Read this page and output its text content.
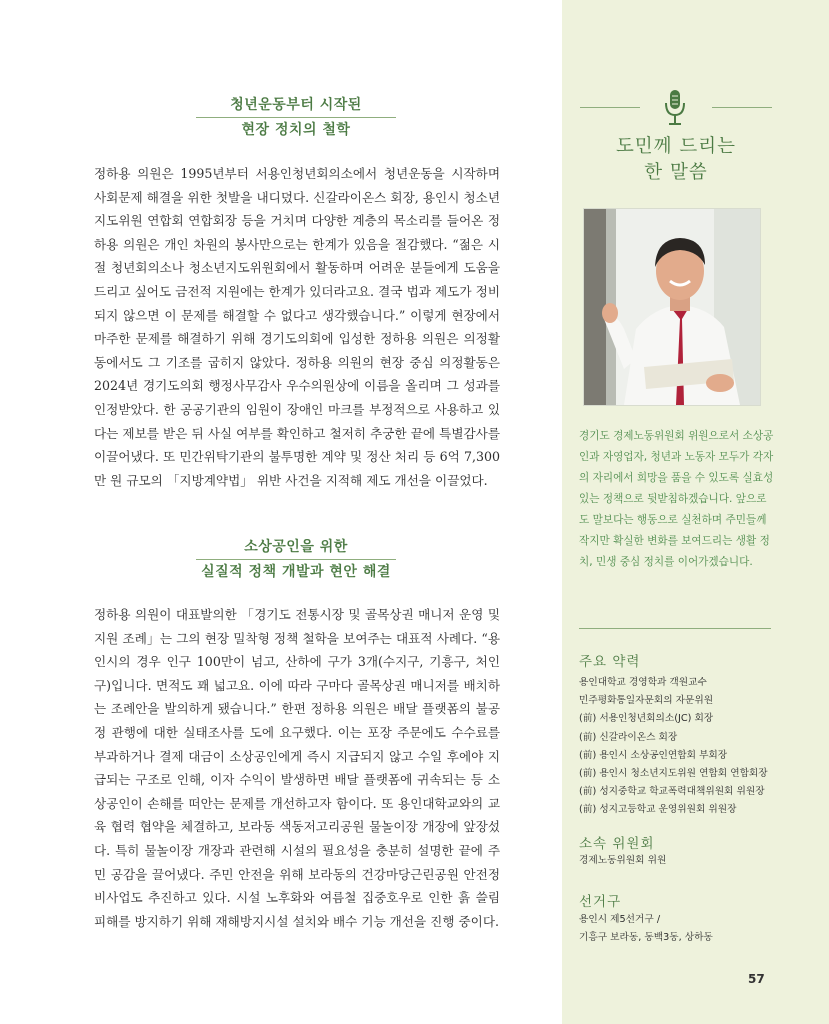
청년운동부터 시작된
현장 정치의 철학

정하용 의원은 1995년부터 서용인청년회의소에서 청년운동을 시작하며 사회문제 해결을 위한 첫발을 내디뎠다. 신갈라이온스 회장, 용인시 청소년지도위원 연합회 연합회장 등을 거치며 다양한 계층의 목소리를 들어온 정하용 의원은 개인 차원의 봉사만으로는 한계가 있음을 절감했다. “젊은 시절 청년회의소나 청소년지도위원회에서 활동하며 어려운 분들에게 도움을 드리고 싶어도 금전적 지원에는 한계가 있더라고요. 결국 법과 제도가 정비되지 않으면 이 문제를 해결할 수 없다고 생각했습니다.” 이렇게 현장에서 마주한 문제를 해결하기 위해 경기도의회에 입성한 정하용 의원은 의정활동에서도 그 기조를 굽히지 않았다. 정하용 의원의 현장 중심 의정활동은 2024년 경기도의회 행정사무감사 우수의원상에 이름을 올리며 그 성과를 인정받았다. 한 공공기관의 임원이 장애인 마크를 부정적으로 사용하고 있다는 제보를 받은 뒤 사실 여부를 확인하고 철저히 추궁한 끝에 특별감사를 이끌어냈다. 또 민간위탁기관의 불투명한 계약 및 정산 처리 등 6억 7,300만 원 규모의 「지방계약법」 위반 사건을 지적해 제도 개선을 이끌었다.

소상공인을 위한
실질적 정책 개발과 현안 해결

정하용 의원이 대표발의한 「경기도 전통시장 및 골목상권 매니저 운영 및 지원 조례」는 그의 현장 밀착형 정책 철학을 보여주는 대표적 사례다. “용인시의 경우 인구 100만이 넘고, 산하에 구가 3개(수지구, 기흥구, 처인구)입니다. 면적도 꽤 넓고요. 이에 따라 구마다 골목상권 매니저를 배치하는 조례안을 발의하게 됐습니다.” 한편 정하용 의원은 배달 플랫폼의 불공정 관행에 대한 실태조사를 도에 요구했다. 이는 포장 주문에도 수수료를 부과하거나 결제 대금이 소상공인에게 즉시 지급되지 않고 수일 후에야 지급되는 구조로 인해, 이자 수익이 발생하면 배달 플랫폼에 귀속되는 등 소상공인이 손해를 떠안는 문제를 개선하고자 함이다. 또 용인대학교와의 교육 협력 협약을 체결하고, 보라동 색동저고리공원 물놀이장 개장에 앞장섰다. 특히 물놀이장 개장과 관련해 시설의 필요성을 충분히 설명한 끝에 주민 공감을 끌어냈다. 주민 안전을 위해 보라동의 건강마당근린공원 안전정비사업도 추진하고 있다. 시설 노후화와 여름철 집중호우로 인한 흙 쓸림 피해를 방지하기 위해 재해방지시설 설치와 배수 기능 개선을 진행 중이다.

도민께 드리는
한 말씀

경기도 경제노동위원회 위원으로서 소상공인과 자영업자, 청년과 노동자 모두가 각자의 자리에서 희망을 품을 수 있도록 실효성 있는 정책으로 뒷받침하겠습니다. 앞으로도 말보다는 행동으로 실천하며 주민들께 작지만 확실한 변화를 보여드리는 생활 정치, 민생 중심 정치를 이어가겠습니다.

주요 약력
용인대학교 경영학과 객원교수
민주평화통일자문회의 자문위원
(前) 서용인청년회의소(JC) 회장
(前) 신갈라이온스 회장
(前) 용인시 소상공인연합회 부회장
(前) 용인시 청소년지도위원 연합회 연합회장
(前) 성지중학교 학교폭력대책위원회 위원장
(前) 성지고등학교 운영위원회 위원장
소속 위원회
경제노동위원회 위원
선거구
용인시 제5선거구 /
기흥구 보라동, 동백3동, 상하동
57
